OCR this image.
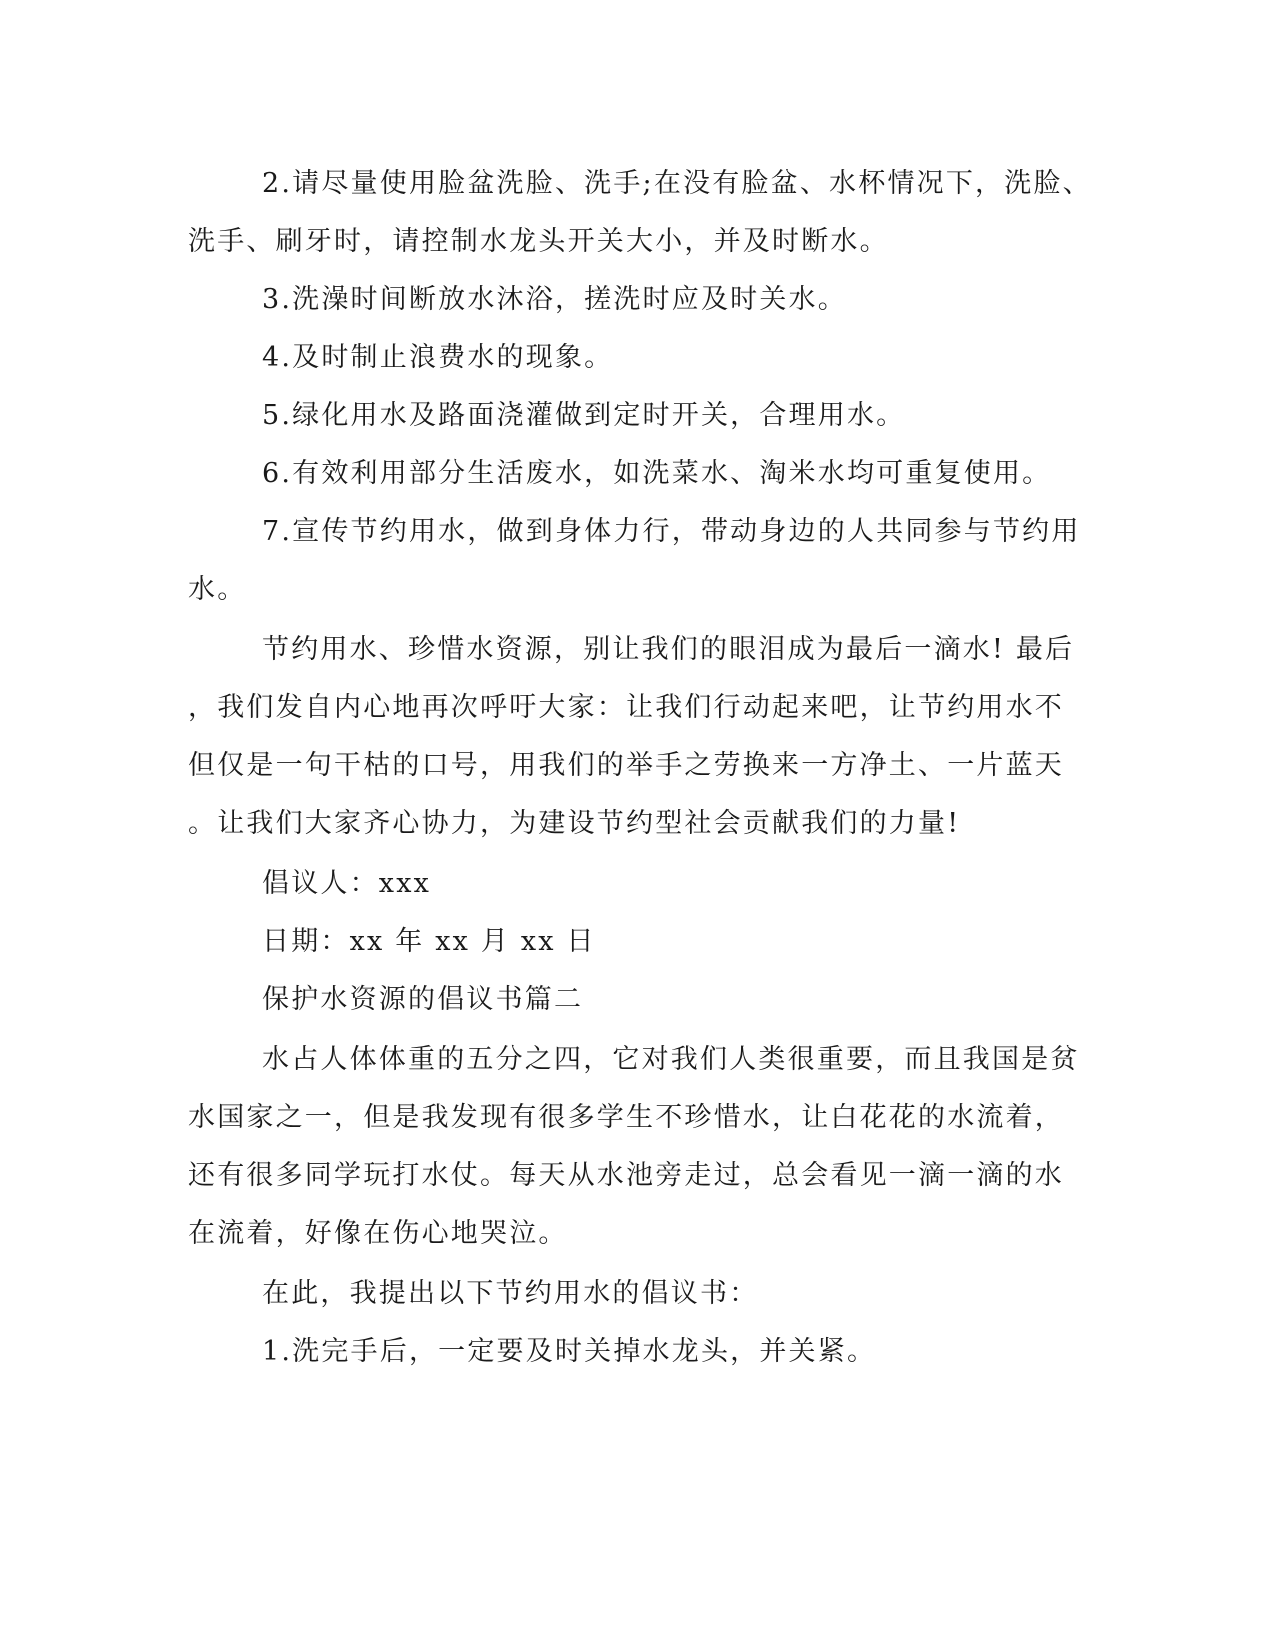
2.请尽量使用脸盆洗脸、洗手;在没有脸盆、水杯情况下，洗脸、
洗手、刷牙时，请控制水龙头开关大小，并及时断水。
3.洗澡时间断放水沐浴，搓洗时应及时关水。
4.及时制止浪费水的现象。
5.绿化用水及路面浇灌做到定时开关，合理用水。
6.有效利用部分生活废水，如洗菜水、淘米水均可重复使用。
7.宣传节约用水，做到身体力行，带动身边的人共同参与节约用
水。
节约用水、珍惜水资源，别让我们的眼泪成为最后一滴水! 最后
，我们发自内心地再次呼吁大家：让我们行动起来吧，让节约用水不
但仅是一句干枯的口号，用我们的举手之劳换来一方净土、一片蓝天
。让我们大家齐心协力，为建设节约型社会贡献我们的力量!
倡议人：xxx
日期：xx 年 xx 月 xx 日
保护水资源的倡议书篇二
水占人体体重的五分之四，它对我们人类很重要，而且我国是贫
水国家之一，但是我发现有很多学生不珍惜水，让白花花的水流着，
还有很多同学玩打水仗。每天从水池旁走过，总会看见一滴一滴的水
在流着，好像在伤心地哭泣。
在此，我提出以下节约用水的倡议书：
1.洗完手后，一定要及时关掉水龙头，并关紧。
